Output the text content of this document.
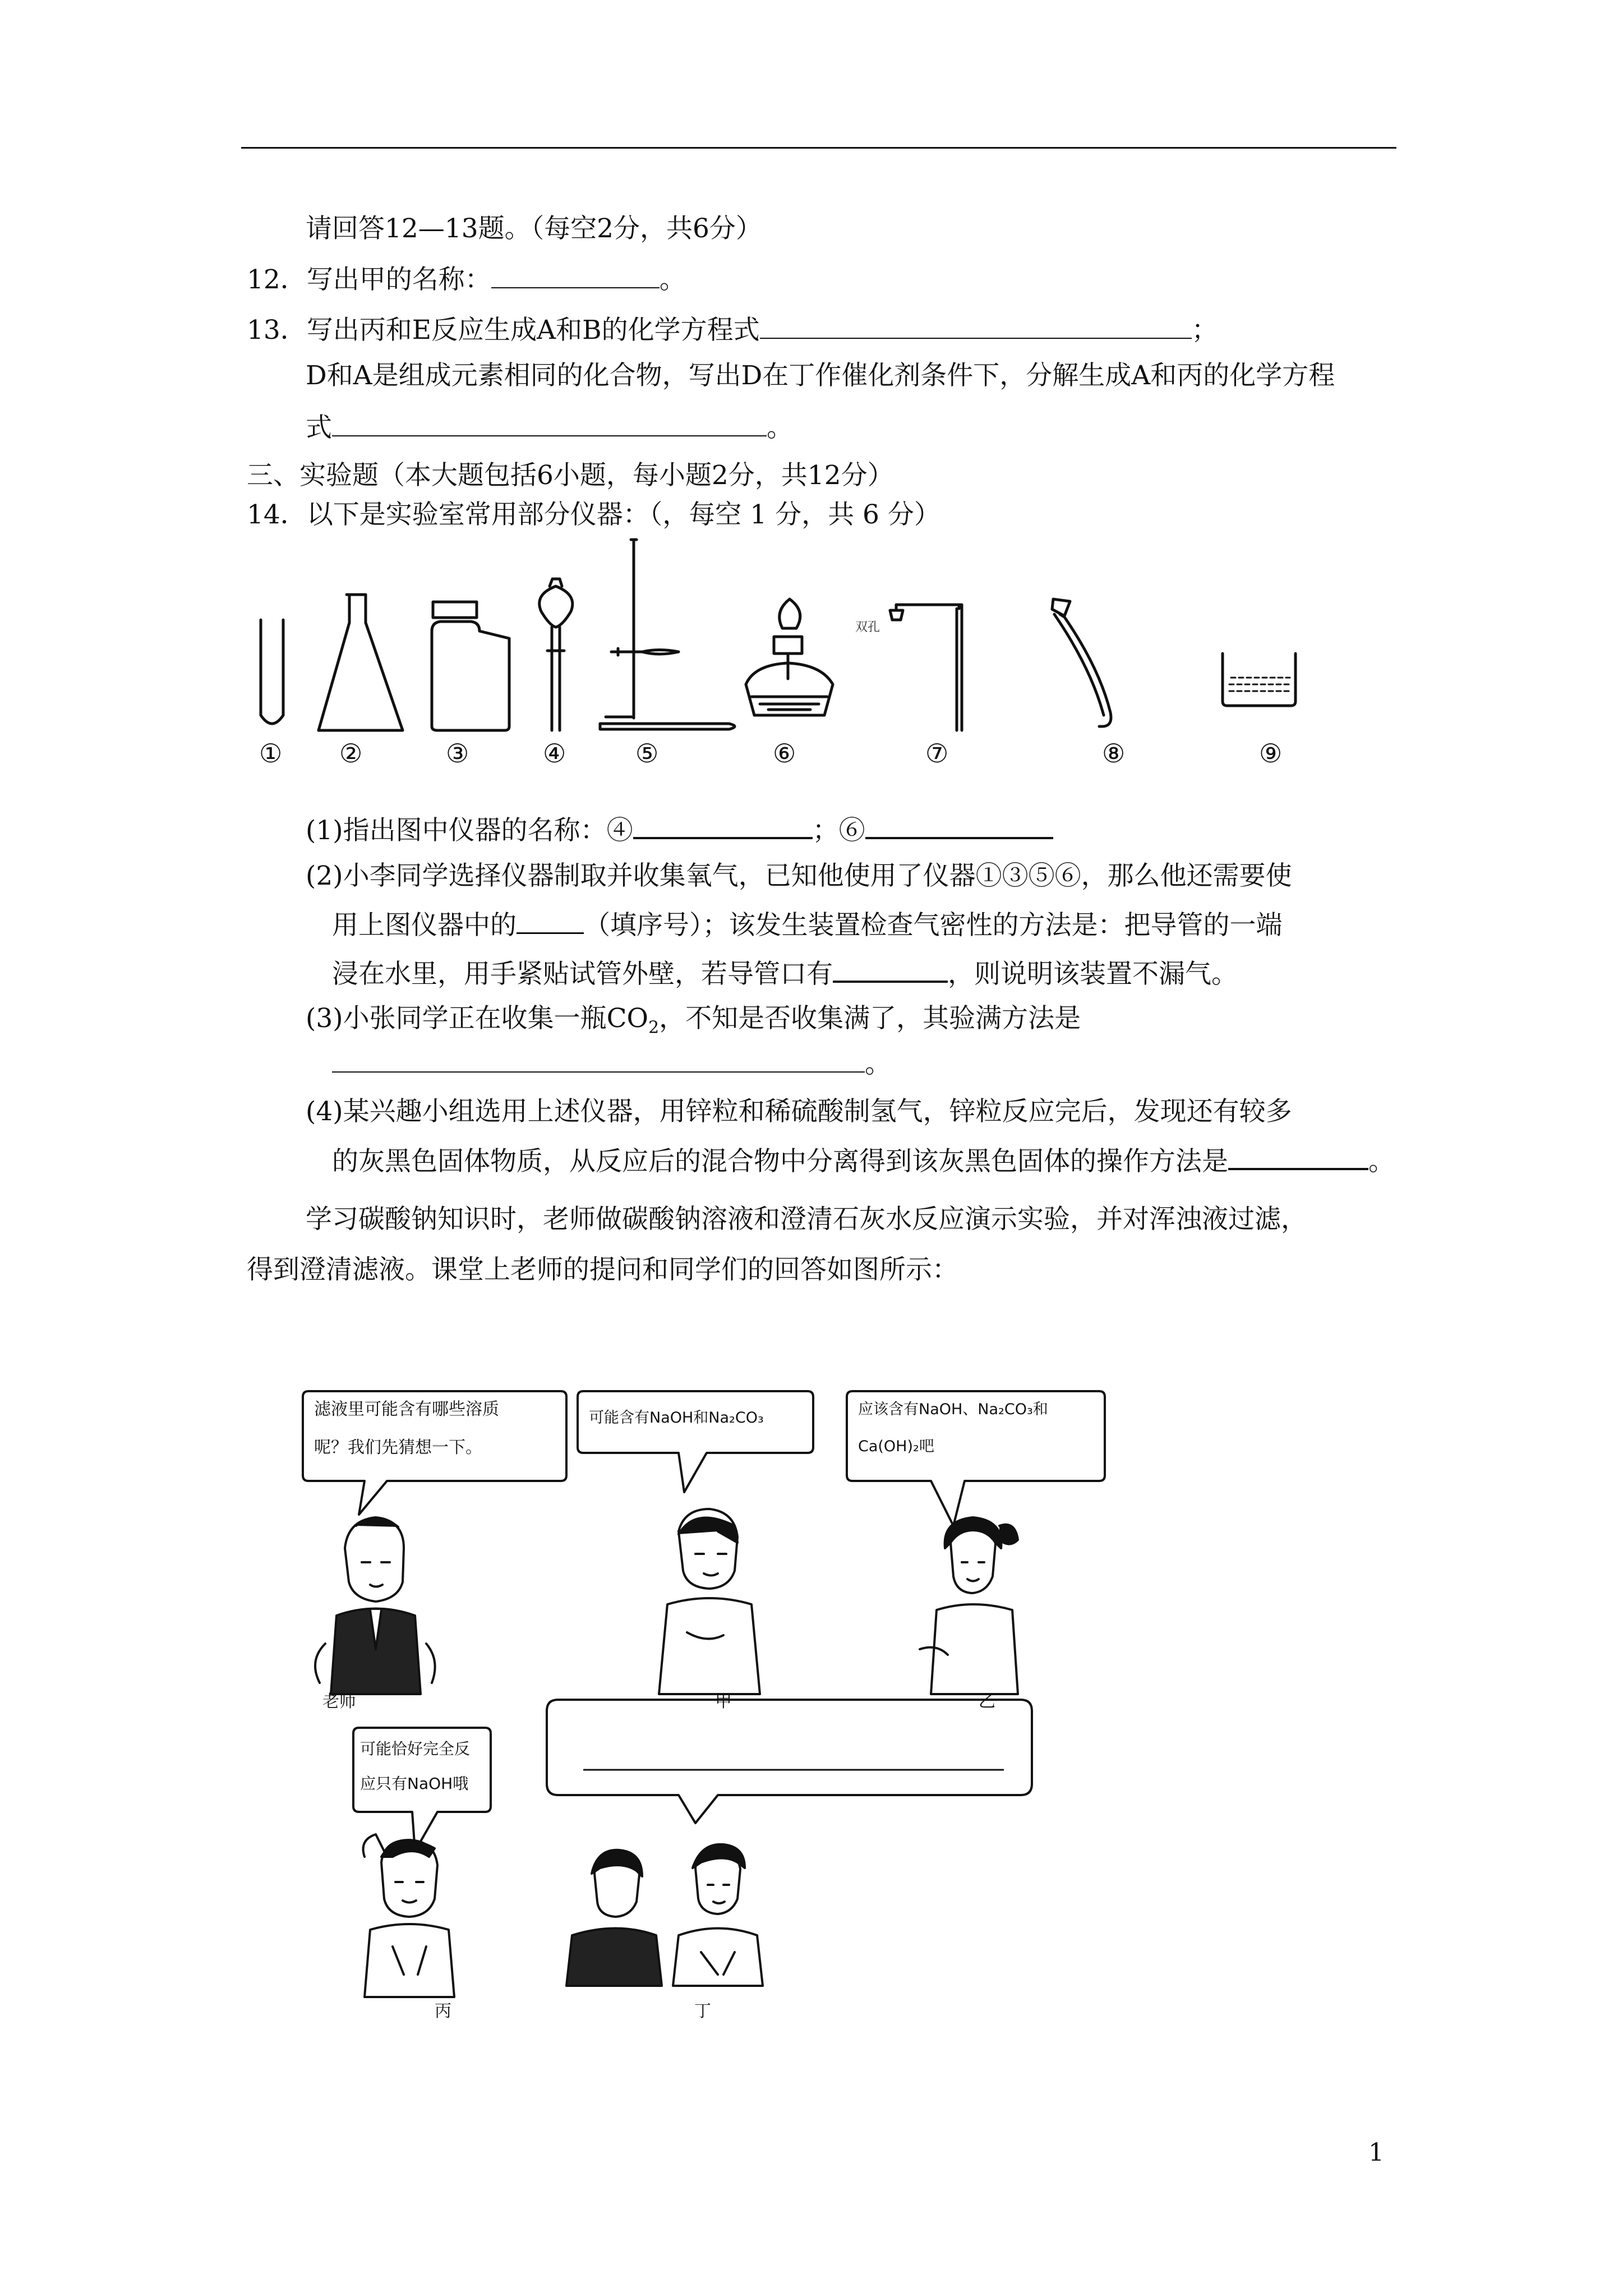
请回答12—13题。（每空2分，共6分）
12．写出甲的名称：	。
13．写出丙和E反应生成A和B的化学方程式	；
D和A是组成元素相同的化合物，写出D在丁作催化剂条件下，分解生成A和丙的化学方程
式	。
三、实验题（本大题包括6小题，每小题2分，共12分）
14．以下是实验室常用部分仪器：（，每空 1 分，共 6 分）
双孔
① ②	③	④	⑤	⑥	⑦	⑧	⑨
(1)指出图中仪器的名称：④	；⑥
(2)小李同学选择仪器制取并收集氧气，已知他使用了仪器①③⑤⑥，那么他还需要使
用上图仪器中的	（填序号）；该发生装置检查气密性的方法是：把导管的一端
浸在水里，用手紧贴试管外壁，若导管口有	，则说明该装置不漏气。
(3)小张同学正在收集一瓶$CO_2$，不知是否收集满了，其验满方法是
。
(4)某兴趣小组选用上述仪器，用锌粒和稀硫酸制氢气，锌粒反应完后，发现还有较多
的灰黑色固体物质，从反应后的混合物中分离得到该灰黑色固体的操作方法是	。
学习碳酸钠知识时，老师做碳酸钠溶液和澄清石灰水反应演示实验，并对浑浊液过滤，
得到澄清滤液。课堂上老师的提问和同学们的回答如图所示：
滤液里可能含有哪些溶质
呢？我们先猜想一下。
可能含有NaOH和Na₂CO₃	应该含有NaOH、Na₂CO₃和
Ca(OH)₂吧
可能恰好完全反
应只有NaOH哦
老师	甲	乙
丙	丁
1
